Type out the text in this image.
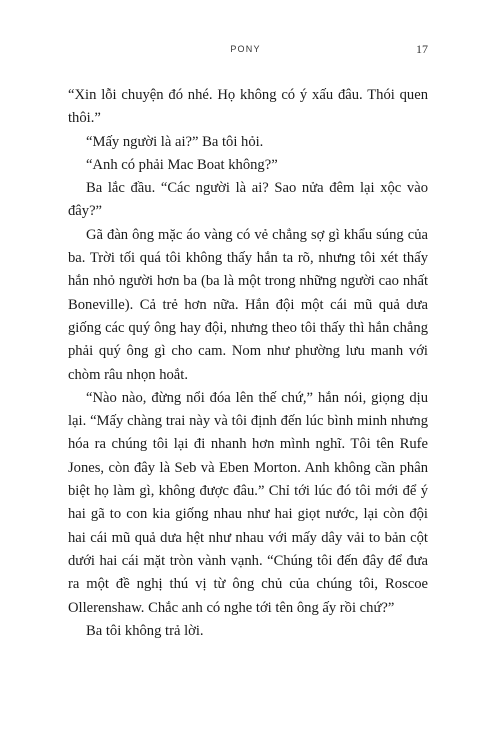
PONY	17

“Xin lỗi chuyện đó nhé. Họ không có ý xấu đâu. Thói quen thôi.”

“Mấy người là ai?” Ba tôi hỏi.

“Anh có phải Mac Boat không?”

Ba lắc đầu. “Các người là ai? Sao nửa đêm lại xộc vào đây?”

Gã đàn ông mặc áo vàng có vẻ chẳng sợ gì khẩu súng của ba. Trời tối quá tôi không thấy hắn ta rõ, nhưng tôi xét thấy hắn nhỏ người hơn ba (ba là một trong những người cao nhất Boneville). Cả trẻ hơn nữa. Hắn đội một cái mũ quả dưa giống các quý ông hay đội, nhưng theo tôi thấy thì hắn chẳng phải quý ông gì cho cam. Nom như phường lưu manh với chòm râu nhọn hoắt.

“Nào nào, đừng nổi đóa lên thế chứ,” hắn nói, giọng dịu lại. “Mấy chàng trai này và tôi định đến lúc bình minh nhưng hóa ra chúng tôi lại đi nhanh hơn mình nghĩ. Tôi tên Rufe Jones, còn đây là Seb và Eben Morton. Anh không cần phân biệt họ làm gì, không được đâu.” Chỉ tới lúc đó tôi mới để ý hai gã to con kia giống nhau như hai giọt nước, lại còn đội hai cái mũ quả dưa hệt như nhau với mấy dây vải to bản cột dưới hai cái mặt tròn vành vạnh. “Chúng tôi đến đây để đưa ra một đề nghị thú vị từ ông chủ của chúng tôi, Roscoe Ollerenshaw. Chắc anh có nghe tới tên ông ấy rồi chứ?”

Ba tôi không trả lời.
